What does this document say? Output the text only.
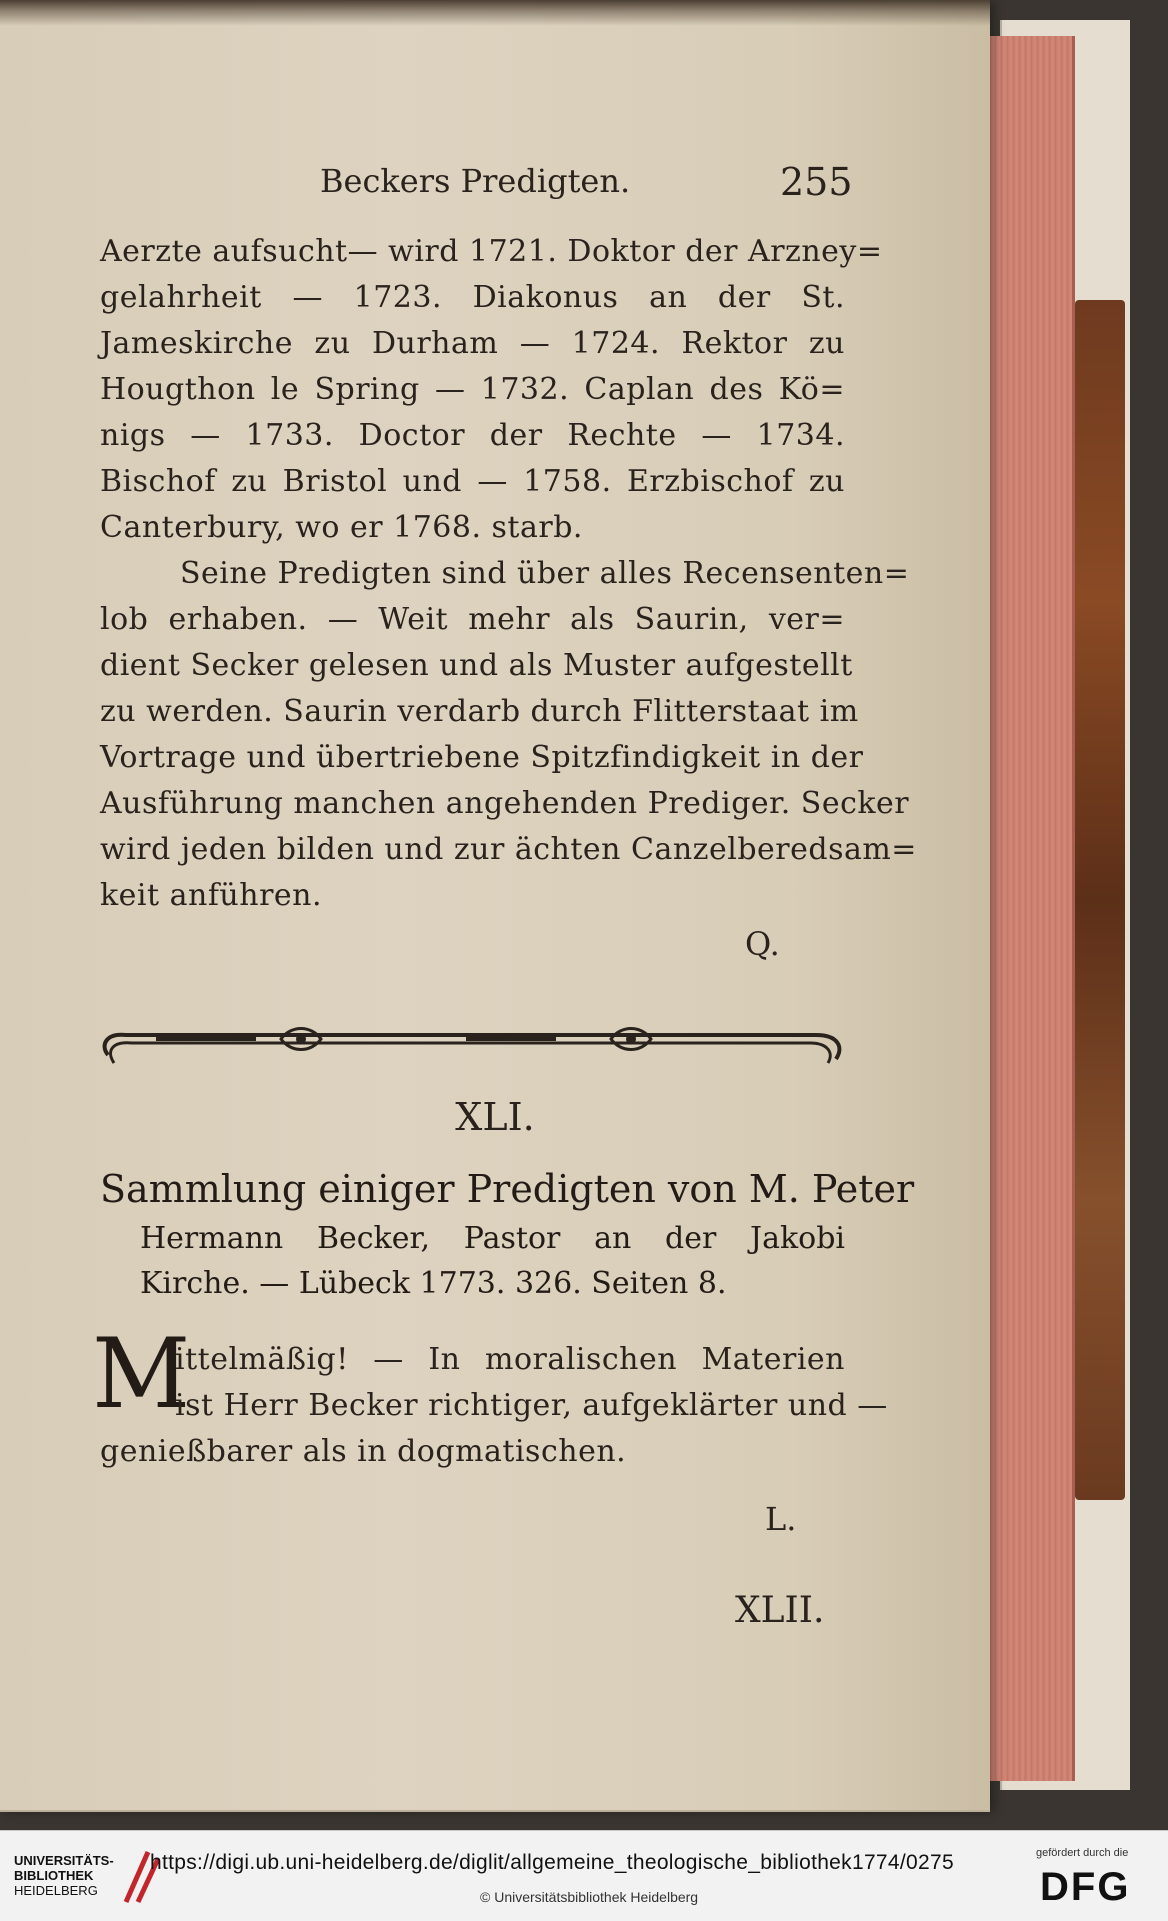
Beckers Predigten.	255
Aerzte aufsucht— wird 1721. Doktor der Arzney=
gelahrheit — 1723. Diakonus an der St.
Jameskirche zu Durham — 1724. Rektor zu
Hougthon le Spring — 1732. Caplan des Kö=
nigs — 1733. Doctor der Rechte — 1734.
Bischof zu Bristol und — 1758. Erzbischof zu
Canterbury, wo er 1768. starb.
Seine Predigten sind über alles Recensenten=
lob erhaben. — Weit mehr als Saurin, ver=
dient Secker gelesen und als Muster aufgestellt
zu werden. Saurin verdarb durch Flitterstaat im
Vortrage und übertriebene Spitzfindigkeit in der
Ausführung manchen angehenden Prediger. Secker
wird jeden bilden und zur ächten Canzelberedsam=
keit anführen.
Q.
XLI.
Sammlung einiger Predigten von M. Peter
Hermann Becker, Pastor an der Jakobi
Kirche. — Lübeck 1773. 326. Seiten 8.
M
ittelmäßig! — In moralischen Materien
ist Herr Becker richtiger, aufgeklärter und —
genießbarer als in dogmatischen.
L.
XLII.
UNIVERSITÄTS-
BIBLIOTHEK
HEIDELBERG
https://digi.ub.uni-heidelberg.de/diglit/allgemeine_theologische_bibliothek1774/0275
© Universitätsbibliothek Heidelberg
gefördert durch die
DFG
